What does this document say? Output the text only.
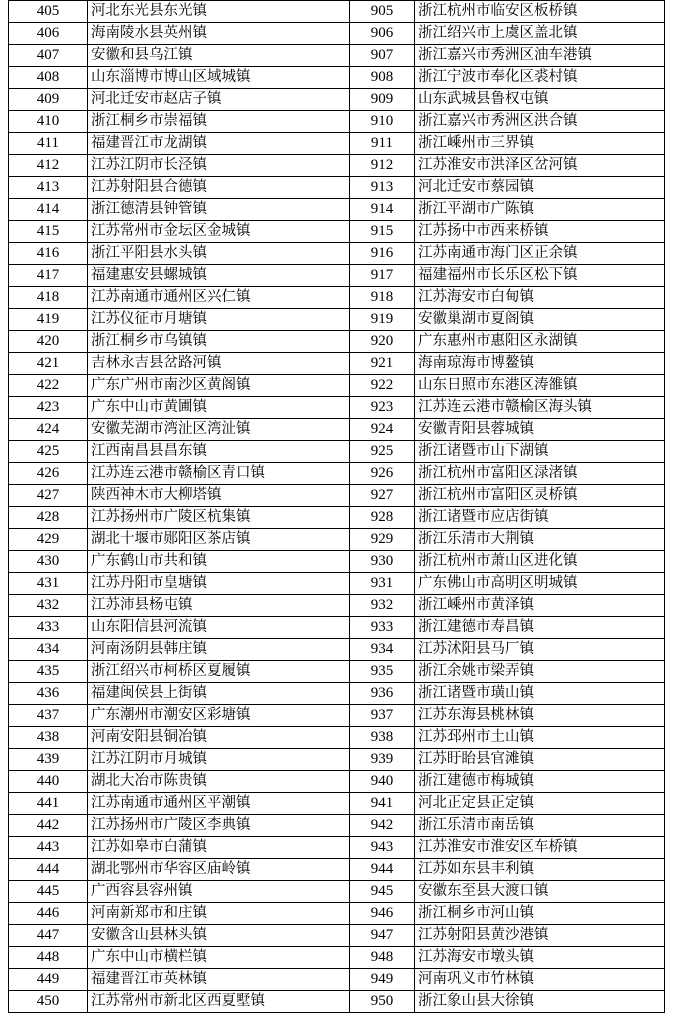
405	河北东光县东光镇	905	浙江杭州市临安区板桥镇
406	海南陵水县英州镇	906	浙江绍兴市上虞区盖北镇
407	安徽和县乌江镇	907	浙江嘉兴市秀洲区油车港镇
408	山东淄博市博山区域城镇	908	浙江宁波市奉化区裘村镇
409	河北迁安市赵店子镇	909	山东武城县鲁权屯镇
410	浙江桐乡市崇福镇	910	浙江嘉兴市秀洲区洪合镇
411	福建晋江市龙湖镇	911	浙江嵊州市三界镇
412	江苏江阴市长泾镇	912	江苏淮安市洪泽区岔河镇
413	江苏射阳县合德镇	913	河北迁安市蔡园镇
414	浙江德清县钟管镇	914	浙江平湖市广陈镇
415	江苏常州市金坛区金城镇	915	江苏扬中市西来桥镇
416	浙江平阳县水头镇	916	江苏南通市海门区正余镇
417	福建惠安县螺城镇	917	福建福州市长乐区松下镇
418	江苏南通市通州区兴仁镇	918	江苏海安市白甸镇
419	江苏仪征市月塘镇	919	安徽巢湖市夏阁镇
420	浙江桐乡市乌镇镇	920	广东惠州市惠阳区永湖镇
421	吉林永吉县岔路河镇	921	海南琼海市博鳌镇
422	广东广州市南沙区黄阁镇	922	山东日照市东港区涛雒镇
423	广东中山市黄圃镇	923	江苏连云港市赣榆区海头镇
424	安徽芜湖市湾沚区湾沚镇	924	安徽青阳县蓉城镇
425	江西南昌县昌东镇	925	浙江诸暨市山下湖镇
426	江苏连云港市赣榆区青口镇	926	浙江杭州市富阳区渌渚镇
427	陕西神木市大柳塔镇	927	浙江杭州市富阳区灵桥镇
428	江苏扬州市广陵区杭集镇	928	浙江诸暨市应店街镇
429	湖北十堰市郧阳区茶店镇	929	浙江乐清市大荆镇
430	广东鹤山市共和镇	930	浙江杭州市萧山区进化镇
431	江苏丹阳市皇塘镇	931	广东佛山市高明区明城镇
432	江苏沛县杨屯镇	932	浙江嵊州市黄泽镇
433	山东阳信县河流镇	933	浙江建德市寿昌镇
434	河南汤阴县韩庄镇	934	江苏沭阳县马厂镇
435	浙江绍兴市柯桥区夏履镇	935	浙江余姚市梁弄镇
436	福建闽侯县上街镇	936	浙江诸暨市璜山镇
437	广东潮州市潮安区彩塘镇	937	江苏东海县桃林镇
438	河南安阳县铜冶镇	938	江苏邳州市土山镇
439	江苏江阴市月城镇	939	江苏盱眙县官滩镇
440	湖北大冶市陈贵镇	940	浙江建德市梅城镇
441	江苏南通市通州区平潮镇	941	河北正定县正定镇
442	江苏扬州市广陵区李典镇	942	浙江乐清市南岳镇
443	江苏如皋市白蒲镇	943	江苏淮安市淮安区车桥镇
444	湖北鄂州市华容区庙岭镇	944	江苏如东县丰利镇
445	广西容县容州镇	945	安徽东至县大渡口镇
446	河南新郑市和庄镇	946	浙江桐乡市河山镇
447	安徽含山县林头镇	947	江苏射阳县黄沙港镇
448	广东中山市横栏镇	948	江苏海安市墩头镇
449	福建晋江市英林镇	949	河南巩义市竹林镇
450	江苏常州市新北区西夏墅镇	950	浙江象山县大徐镇
